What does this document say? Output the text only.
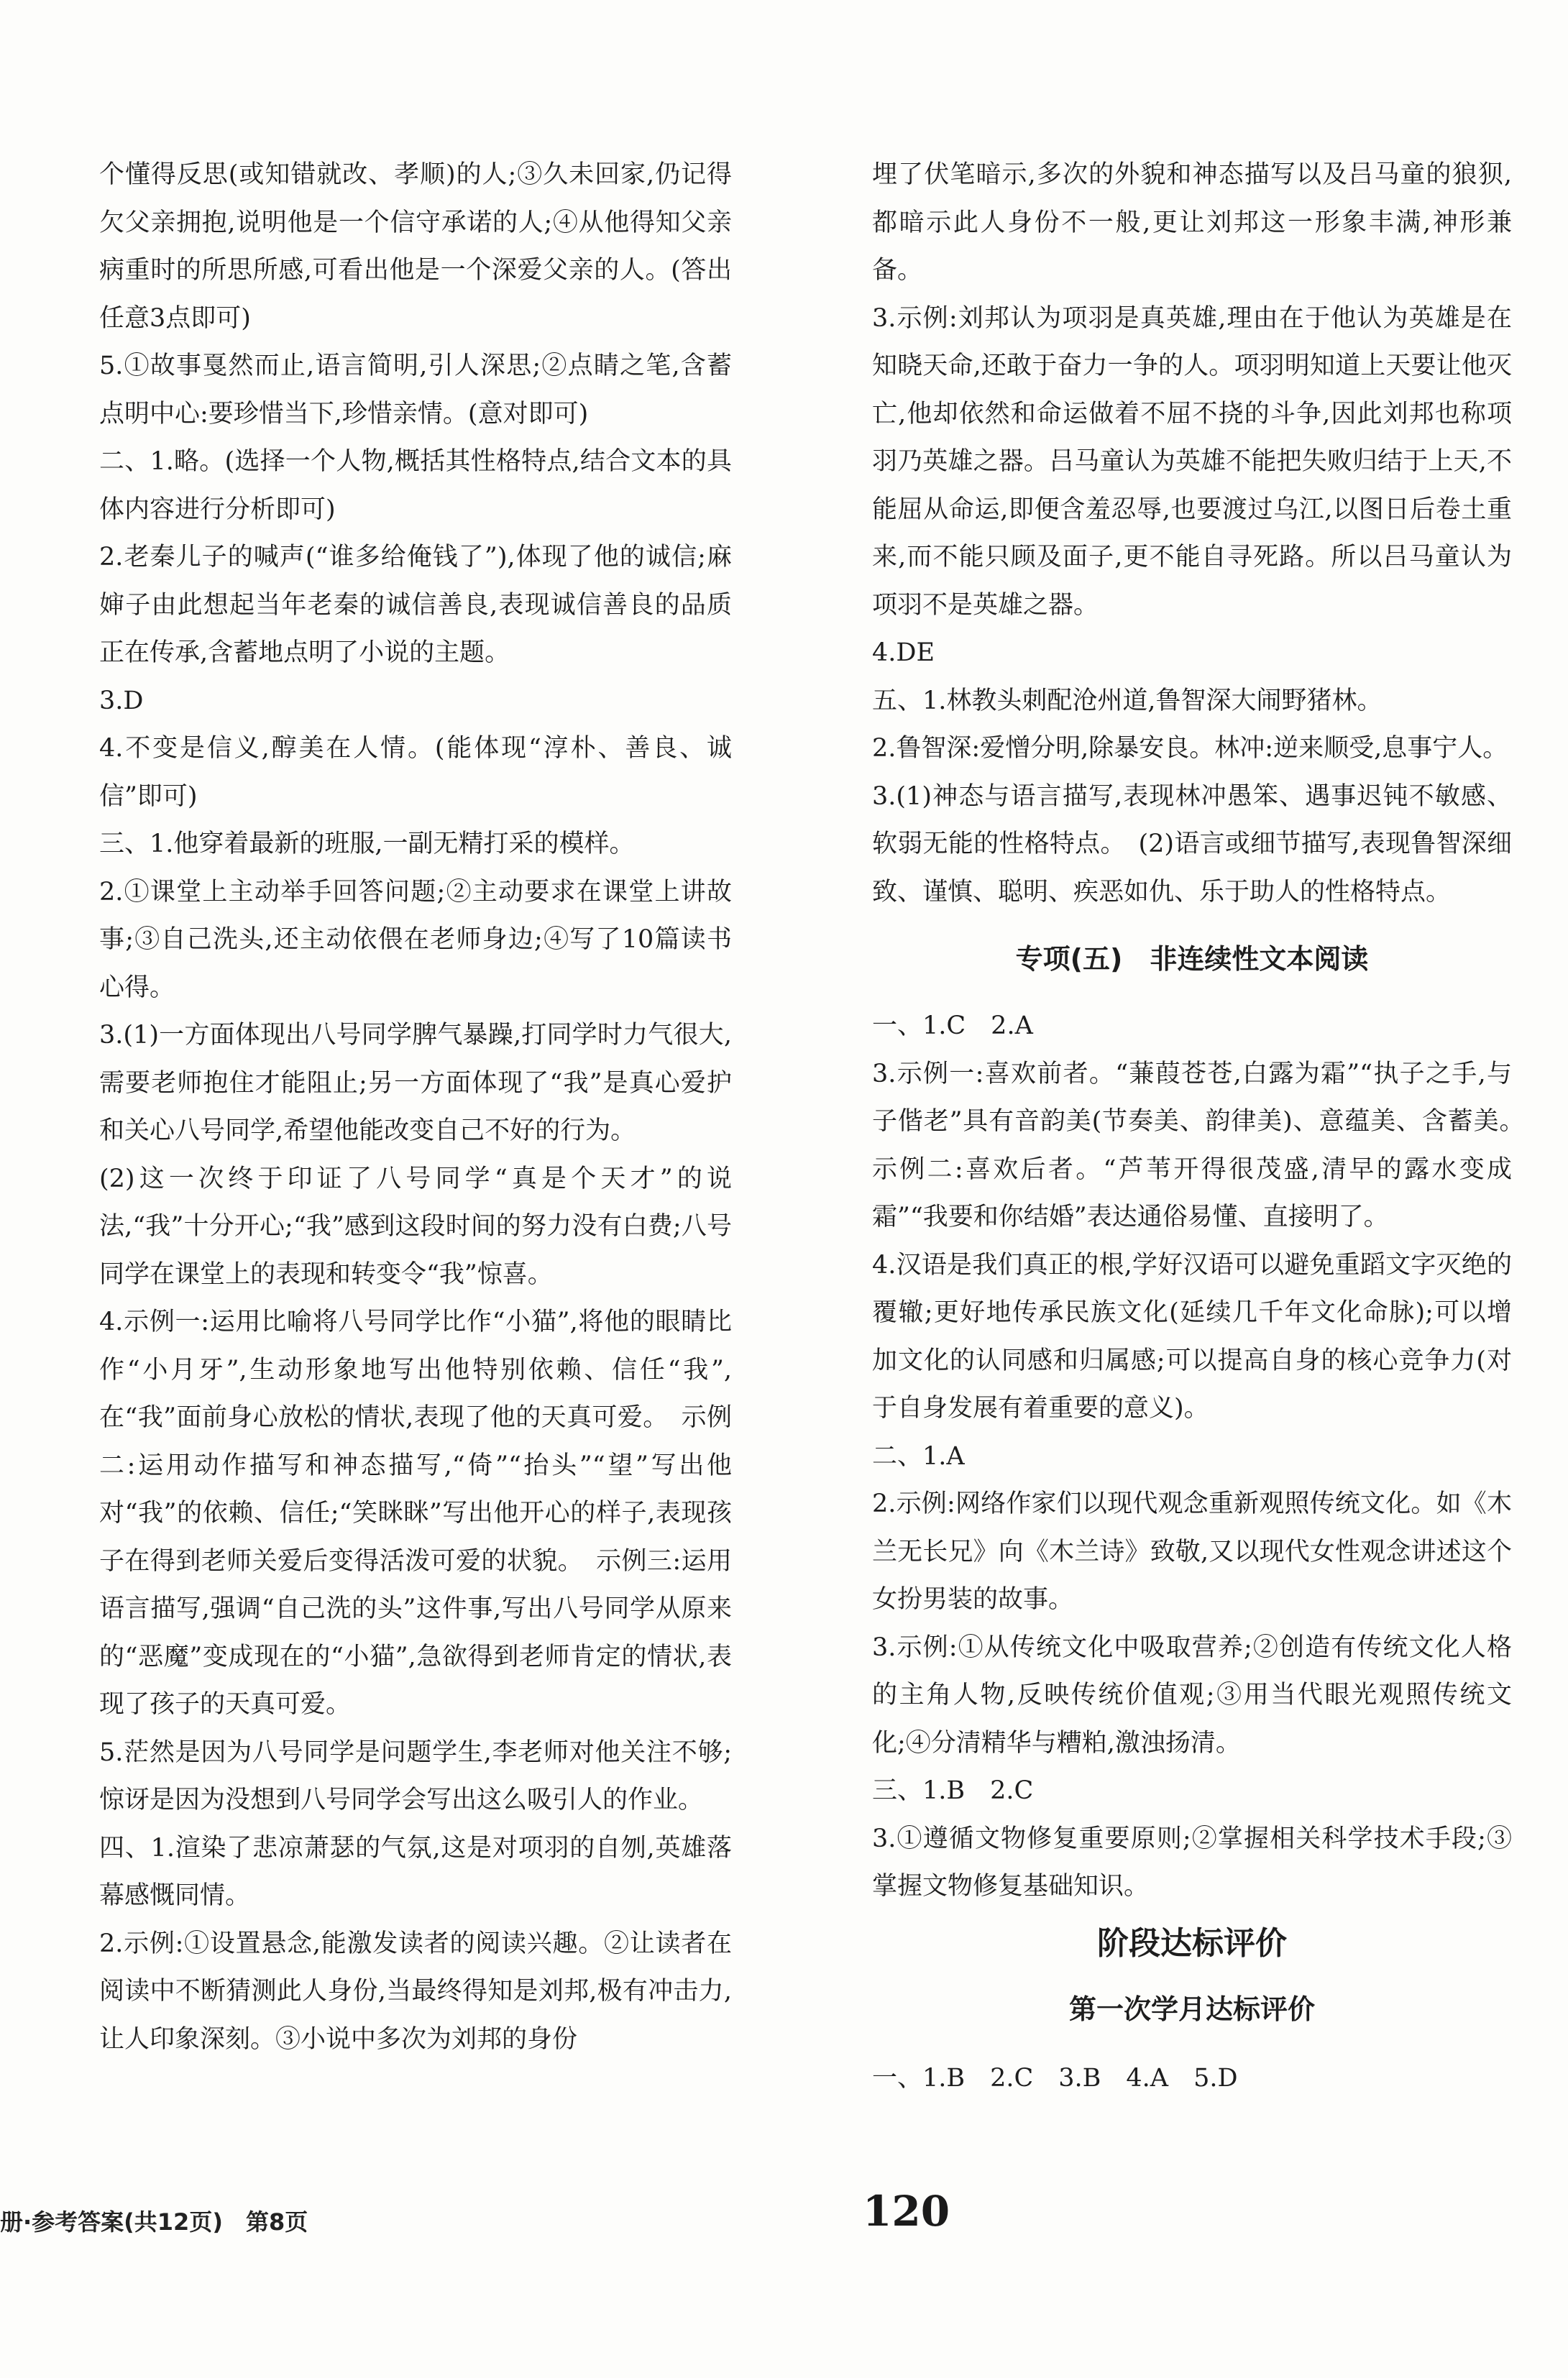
个懂得反思(或知错就改、孝顺)的人;③久未回家,仍记得欠父亲拥抱,说明他是一个信守承诺的人;④从他得知父亲病重时的所思所感,可看出他是一个深爱父亲的人。(答出任意3点即可)

5.①故事戛然而止,语言简明,引人深思;②点睛之笔,含蓄点明中心:要珍惜当下,珍惜亲情。(意对即可)

二、1.略。(选择一个人物,概括其性格特点,结合文本的具体内容进行分析即可)

2.老秦儿子的喊声(“谁多给俺钱了”),体现了他的诚信;麻婶子由此想起当年老秦的诚信善良,表现诚信善良的品质正在传承,含蓄地点明了小说的主题。

3.D

4.不变是信义,醇美在人情。(能体现“淳朴、善良、诚信”即可)

三、1.他穿着最新的班服,一副无精打采的模样。

2.①课堂上主动举手回答问题;②主动要求在课堂上讲故事;③自己洗头,还主动依偎在老师身边;④写了10篇读书心得。

3.(1)一方面体现出八号同学脾气暴躁,打同学时力气很大,需要老师抱住才能阻止;另一方面体现了“我”是真心爱护和关心八号同学,希望他能改变自己不好的行为。

(2)这一次终于印证了八号同学“真是个天才”的说法,“我”十分开心;“我”感到这段时间的努力没有白费;八号同学在课堂上的表现和转变令“我”惊喜。

4.示例一:运用比喻将八号同学比作“小猫”,将他的眼睛比作“小月牙”,生动形象地写出他特别依赖、信任“我”,在“我”面前身心放松的情状,表现了他的天真可爱。　示例二:运用动作描写和神态描写,“倚”“抬头”“望”写出他对“我”的依赖、信任;“笑眯眯”写出他开心的样子,表现孩子在得到老师关爱后变得活泼可爱的状貌。　示例三:运用语言描写,强调“自己洗的头”这件事,写出八号同学从原来的“恶魔”变成现在的“小猫”,急欲得到老师肯定的情状,表现了孩子的天真可爱。

5.茫然是因为八号同学是问题学生,李老师对他关注不够;惊讶是因为没想到八号同学会写出这么吸引人的作业。

四、1.渲染了悲凉萧瑟的气氛,这是对项羽的自刎,英雄落幕感慨同情。

2.示例:①设置悬念,能激发读者的阅读兴趣。②让读者在阅读中不断猜测此人身份,当最终得知是刘邦,极有冲击力,让人印象深刻。③小说中多次为刘邦的身份

埋了伏笔暗示,多次的外貌和神态描写以及吕马童的狼狈,都暗示此人身份不一般,更让刘邦这一形象丰满,神形兼备。

3.示例:刘邦认为项羽是真英雄,理由在于他认为英雄是在知晓天命,还敢于奋力一争的人。项羽明知道上天要让他灭亡,他却依然和命运做着不屈不挠的斗争,因此刘邦也称项羽乃英雄之器。吕马童认为英雄不能把失败归结于上天,不能屈从命运,即便含羞忍辱,也要渡过乌江,以图日后卷土重来,而不能只顾及面子,更不能自寻死路。所以吕马童认为项羽不是英雄之器。

4.DE

五、1.林教头刺配沧州道,鲁智深大闹野猪林。

2.鲁智深:爱憎分明,除暴安良。林冲:逆来顺受,息事宁人。

3.(1)神态与语言描写,表现林冲愚笨、遇事迟钝不敏感、软弱无能的性格特点。　(2)语言或细节描写,表现鲁智深细致、谨慎、聪明、疾恶如仇、乐于助人的性格特点。

专项(五)　非连续性文本阅读

一、1.C　2.A

3.示例一:喜欢前者。“蒹葭苍苍,白露为霜”“执子之手,与子偕老”具有音韵美(节奏美、韵律美)、意蕴美、含蓄美。　示例二:喜欢后者。“芦苇开得很茂盛,清早的露水变成霜”“我要和你结婚”表达通俗易懂、直接明了。

4.汉语是我们真正的根,学好汉语可以避免重蹈文字灭绝的覆辙;更好地传承民族文化(延续几千年文化命脉);可以增加文化的认同感和归属感;可以提高自身的核心竞争力(对于自身发展有着重要的意义)。

二、1.A

2.示例:网络作家们以现代观念重新观照传统文化。如《木兰无长兄》向《木兰诗》致敬,又以现代女性观念讲述这个女扮男装的故事。

3.示例:①从传统文化中吸取营养;②创造有传统文化人格的主角人物,反映传统价值观;③用当代眼光观照传统文化;④分清精华与糟粕,激浊扬清。

三、1.B　2.C

3.①遵循文物修复重要原则;②掌握相关科学技术手段;③掌握文物修复基础知识。

阶段达标评价
第一次学月达标评价

一、1.B　2.C　3.B　4.A　5.D

册·参考答案(共12页)　第8页	120
